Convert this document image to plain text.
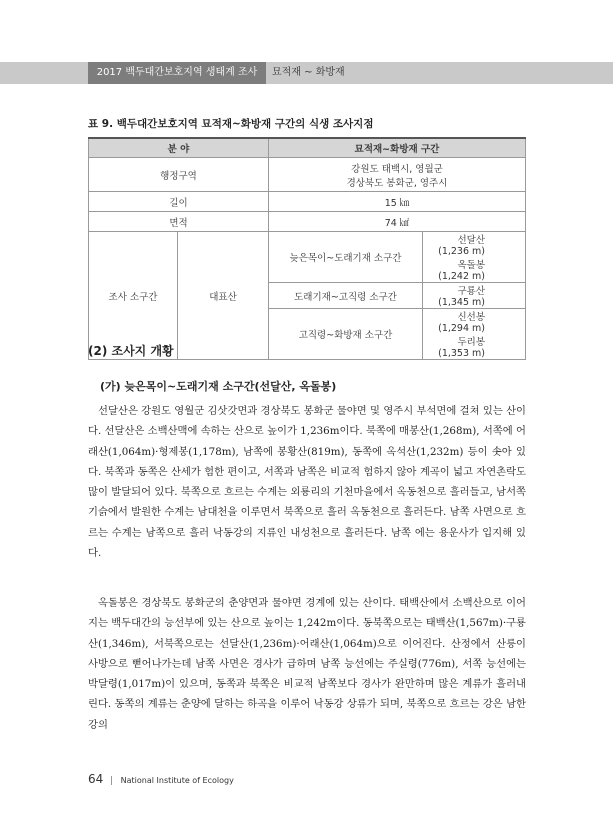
2017 백두대간보호지역 생태계 조사	묘적재 ~ 화방재
표 9. 백두대간보호지역 묘적재~화방재 구간의 식생 조사지점
분 야		묘적재~화방재 구간	
행정구역		강원도 태백시, 영월군
경상북도 봉화군, 영주시	

길이		15 ㎞	
면적		74 ㎢	
조사 소구간	대표산	늦은목이~도래기재 소구간	선달산(1,236 m)
옥돌봉(1,242 m)

		도래기재~고직령 소구간	구룡산(1,345 m)
		고직령~화방재 소구간	신선봉(1,294 m)
두리봉(1,353 m)
(2) 조사지 개황
(가) 늦은목이~도래기재 소구간(선달산, 옥돌봉)

선달산은 강원도 영월군 김삿갓면과 경상북도 봉화군 물야면 및 영주시 부석면에 걸쳐 있는 산이다. 선달산은 소백산맥에 속하는 산으로 높이가 1,236m이다. 북쪽에 매봉산(1,268m), 서쪽에 어래산(1,064m)·형제봉(1,178m), 남쪽에 봉황산(819m), 동쪽에 옥석산(1,232m) 등이 솟아 있다. 북쪽과 동쪽은 산세가 험한 편이고, 서쪽과 남쪽은 비교적 험하지 않아 계곡이 넓고 자연촌락도 많이 발달되어 있다. 북쪽으로 흐르는 수계는 외룡리의 기천마을에서 옥동천으로 흘러들고, 남서쪽 기슭에서 발원한 수계는 남대천을 이루면서 북쪽으로 흘러 옥동천으로 흘러든다. 남쪽 사면으로 흐르는 수계는 남쪽으로 흘러 낙동강의 지류인 내성천으로 흘러든다. 남쪽 에는 용운사가 입지해 있다.

옥돌봉은 경상북도 봉화군의 춘양면과 물야면 경계에 있는 산이다. 태백산에서 소백산으로 이어지는 백두대간의 능선부에 있는 산으로 높이는 1,242m이다. 동북쪽으로는 태백산(1,567m)·구룡산(1,346m), 서북쪽으로는 선달산(1,236m)·어래산(1,064m)으로 이어진다. 산정에서 산릉이 사방으로 뻗어나가는데 남쪽 사면은 경사가 급하며 남쪽 능선에는 주실령(776m), 서쪽 능선에는 박달령(1,017m)이 있으며, 동쪽과 북쪽은 비교적 남쪽보다 경사가 완만하며 많은 계류가 흘러내린다. 동쪽의 계류는 춘양에 달하는 하곡을 이루어 낙동강 상류가 되며, 북쪽으로 흐르는 강은 남한강의

64 National Institute of Ecology
